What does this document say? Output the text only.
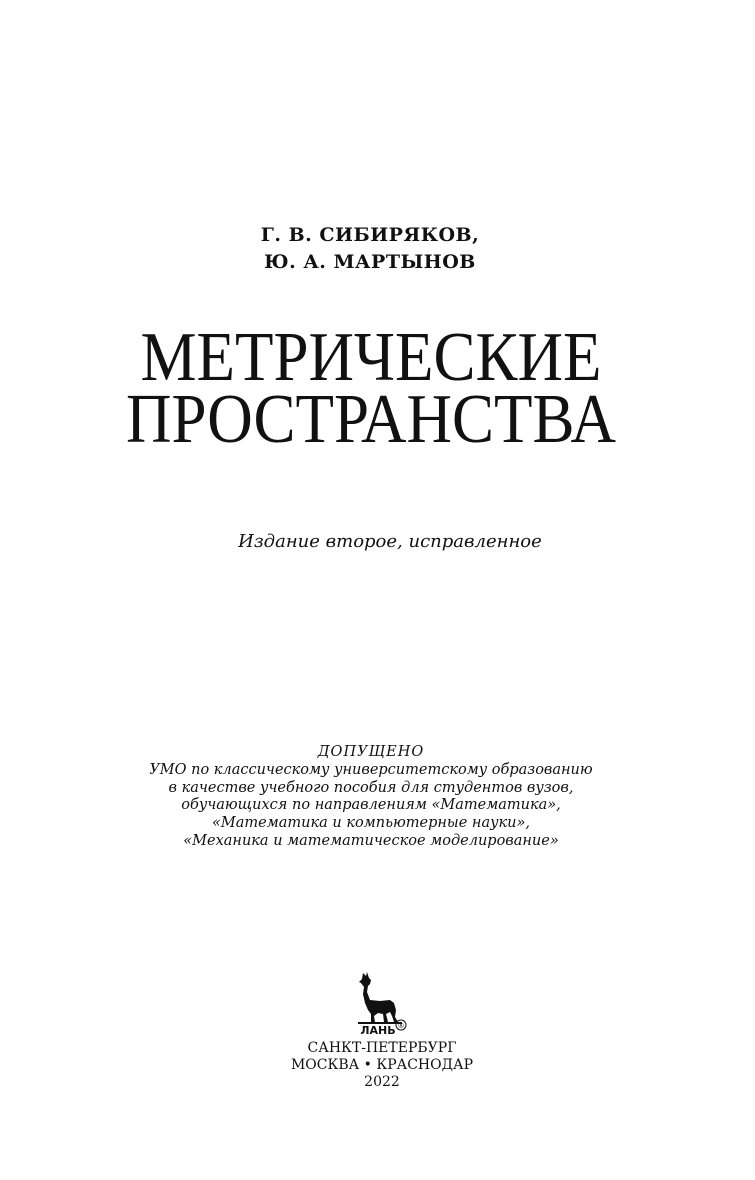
Г. В. СИБИРЯКОВ,
Ю. А. МАРТЫНОВ
МЕТРИЧЕСКИЕ
ПРОСТРАНСТВА
Издание второе, исправленное
ДОПУЩЕНО
УМО по классическому университетскому образованию
в качестве учебного пособия для студентов вузов,
обучающихся по направлениям «Математика»,
«Математика и компьютерные науки»,
«Механика и математическое моделирование»
ЛАНЬ ®
САНКТ-ПЕТЕРБУРГ
МОСКВА • КРАСНОДАР
2022
